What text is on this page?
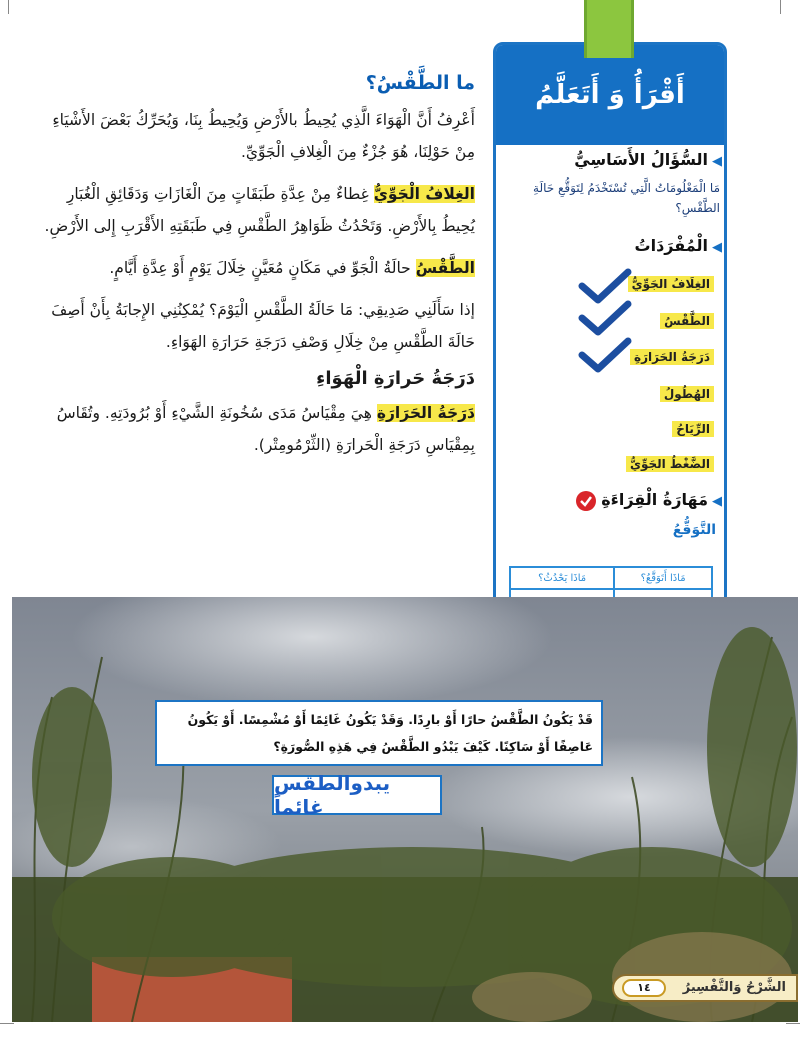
ما الطَّقْسُ؟

أَعْرِفُ أَنَّ الْهَوَاءَ الَّذِي يُحِيطُ بالأَرْضِ وَيُحِيطُ بِنَا، وَيُحَرِّكُ بَعْضَ الأَشْيَاءِ مِنْ حَوْلِنَا، هُوَ جُزْءٌ مِنَ الْغِلافِ الْجَوِّيِّ.

الغِلافُ الْجَوِّيُّ غِطاءٌ مِنْ عِدَّةِ طَبَقَاتٍ مِنَ الْغَازَاتِ وَدَقَائِقِ الْغُبَارِ يُحِيطُ بِالأَرْضِ. وَتَحْدُثُ ظَوَاهِرُ الطَّقْسِ فِي طَبَقَتِهِ الأَقْرَبِ إِلى الأَرْضِ.

الطَّقْسُ حالَةُ الْجَوِّ في مَكَانٍ مُعَيَّنٍ خِلَالَ يَوْمٍ أَوْ عِدَّةِ أَيَّامٍ.

إذا سَأَلَنِي صَدِيقِي: مَا حَالَةُ الطَّقْسِ الْيَوْمَ؟ يُمْكِنُنِي الإِجابَةُ بِأَنْ أَصِفَ حَالَةَ الطَّقْسِ مِنْ خِلَالِ وَصْفِ دَرَجَةِ حَرَارَةِ الهَوَاءِ.

دَرَجَةُ حَرارَةِ الْهَوَاءِ

دَرَجَةُ الحَرَارَةِ هِيَ مِقْيَاسُ مَدَى سُخُونَةِ الشَّيْءِ أَوْ بُرُودَتِهِ. وتُقَاسُ بِمِقْيَاسِ دَرَجَةِ الْحَرارَةِ (الثِّرْمُومِتْر).

أَقْرَأُ وَ أَتَعَلَّمُ
◀السُّؤَالُ الأَسَاسِيُّ
مَا الْمَعْلُومَاتُ الَّتِي تُسْتَخْدَمُ لِتَوَقُّعِ حَالَةِ الطَّقْسِ؟
◀الْمُفْرَدَاتُ
الغِلَافُ الجَوِّيُّ
الطَّقْسُ
دَرَجَةُ الحَرَارَةِ
الهُطُولُ
الرِّيَاحُ
الضَّغْطُ الجَوِّيُّ
◀مَهَارَةُ الْقِرَاءَةِ
التَّوَقُّعُ
مَاذَا أَتَوَقَّعُ؟	مَاذَا يَحْدُثُ؟

قَدْ يَكُونُ الطَّقْسُ حارًا أَوْ بارِدًا. وَقَدْ يَكُونُ غَائِمًا أَوْ مُشْمِسًا. أَوْ يَكُونُ عَاصِفًا أَوْ سَاكِنًا. كَيْفَ يَبْدُو الطَّقْسُ فِي هَذِهِ الصُّورَةِ؟
يبدوالطقس غائماً
الشَّرْحُ وَالتَّفْسِيرُ
١٤
